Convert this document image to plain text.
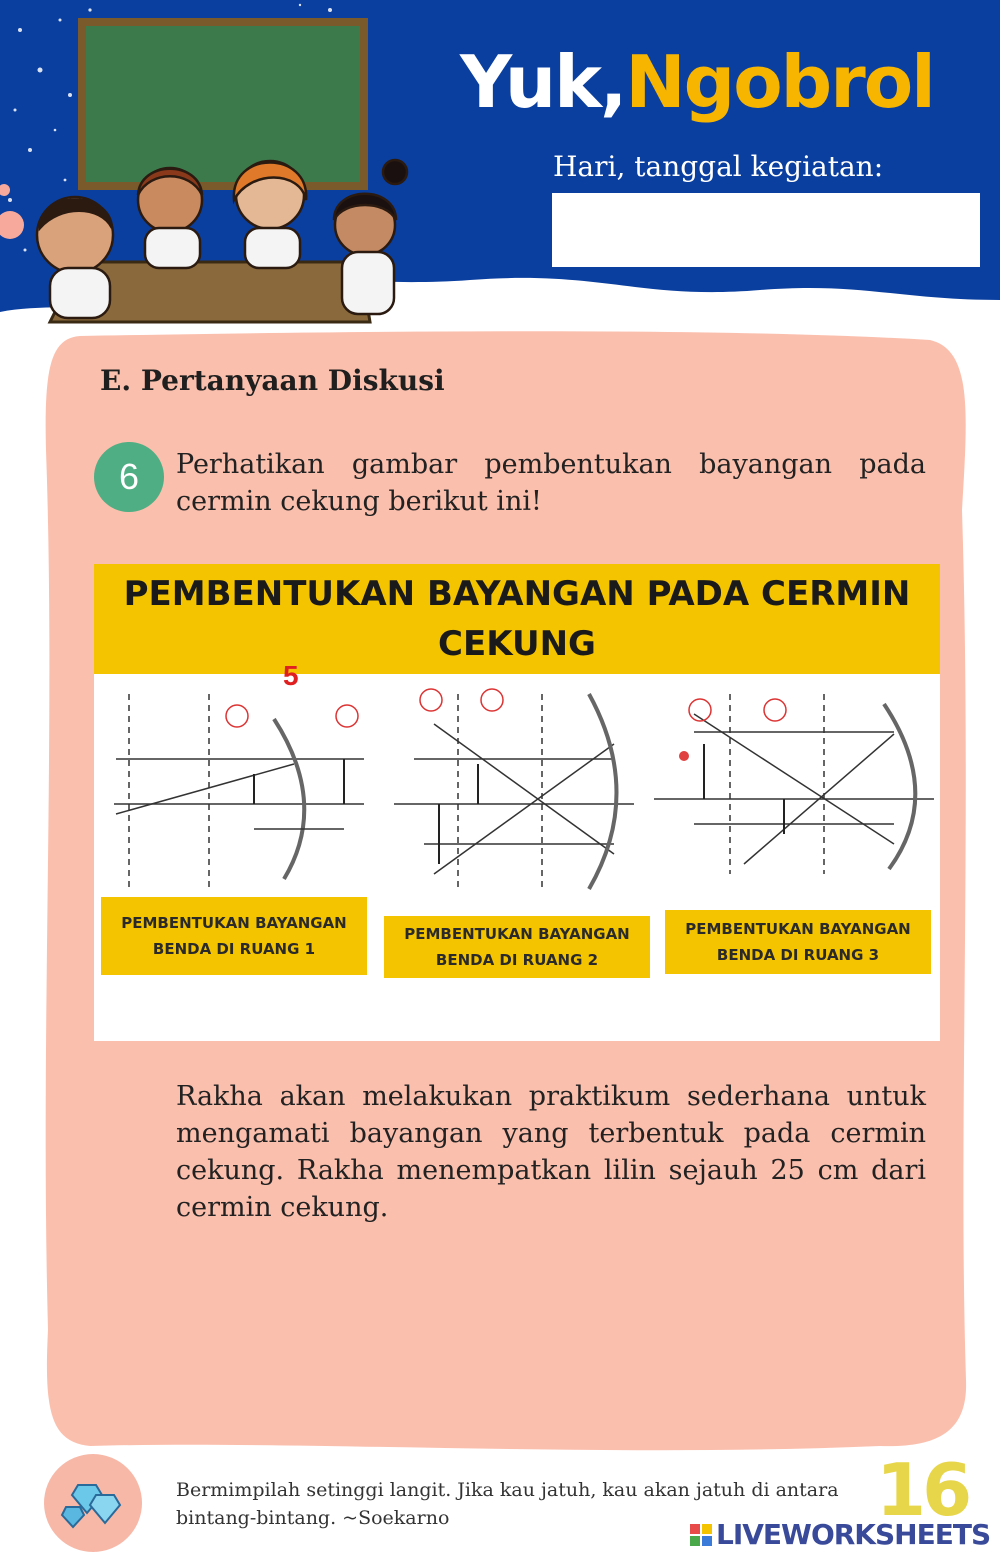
Yuk,Ngobrol
Hari, tanggal kegiatan:
E. Pertanyaan Diskusi
6	Perhatikan gambar pembentukan bayangan pada cermin cekung berikut ini!
PEMBENTUKAN BAYANGAN PADA CERMIN CEKUNG
5
PEMBENTUKAN BAYANGAN BENDA DI RUANG 1
PEMBENTUKAN BAYANGAN BENDA DI RUANG 2
PEMBENTUKAN BAYANGAN BENDA DI RUANG 3
Rakha akan melakukan praktikum sederhana untuk mengamati bayangan yang terbentuk pada cermin cekung. Rakha menempatkan lilin sejauh 25 cm dari cermin cekung.
Bermimpilah setinggi langit. Jika kau jatuh, kau akan jatuh di antara bintang-bintang. ~Soekarno	16
LIVEWORKSHEETS
